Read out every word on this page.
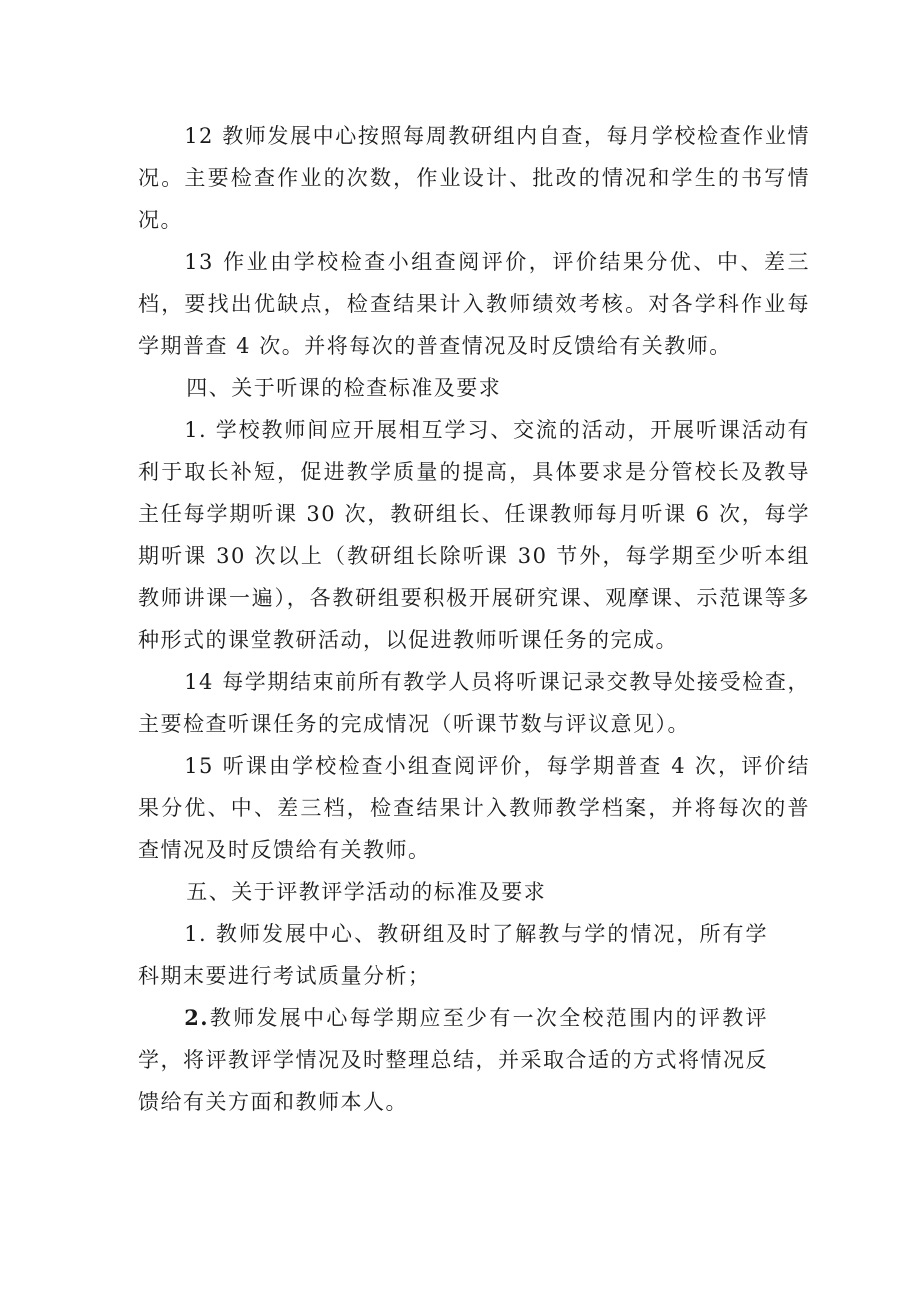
12 教师发展中心按照每周教研组内自查，每月学校检查作业情况。主要检查作业的次数，作业设计、批改的情况和学生的书写情况。

13 作业由学校检查小组查阅评价，评价结果分优、中、差三档，要找出优缺点，检查结果计入教师绩效考核。对各学科作业每学期普查 4 次。并将每次的普查情况及时反馈给有关教师。

四、关于听课的检查标准及要求

1. 学校教师间应开展相互学习、交流的活动，开展听课活动有利于取长补短，促进教学质量的提高，具体要求是分管校长及教导主任每学期听课 30 次，教研组长、任课教师每月听课 6 次，每学期听课 30 次以上（教研组长除听课 30 节外，每学期至少听本组教师讲课一遍），各教研组要积极开展研究课、观摩课、示范课等多种形式的课堂教研活动，以促进教师听课任务的完成。

14 每学期结束前所有教学人员将听课记录交教导处接受检查，主要检查听课任务的完成情况（听课节数与评议意见）。

15 听课由学校检查小组查阅评价，每学期普查 4 次，评价结果分优、中、差三档，检查结果计入教师教学档案，并将每次的普查情况及时反馈给有关教师。

五、关于评教评学活动的标准及要求

1. 教师发展中心、教研组及时了解教与学的情况，所有学科期末要进行考试质量分析；

2.教师发展中心每学期应至少有一次全校范围内的评教评学，将评教评学情况及时整理总结，并采取合适的方式将情况反馈给有关方面和教师本人。
